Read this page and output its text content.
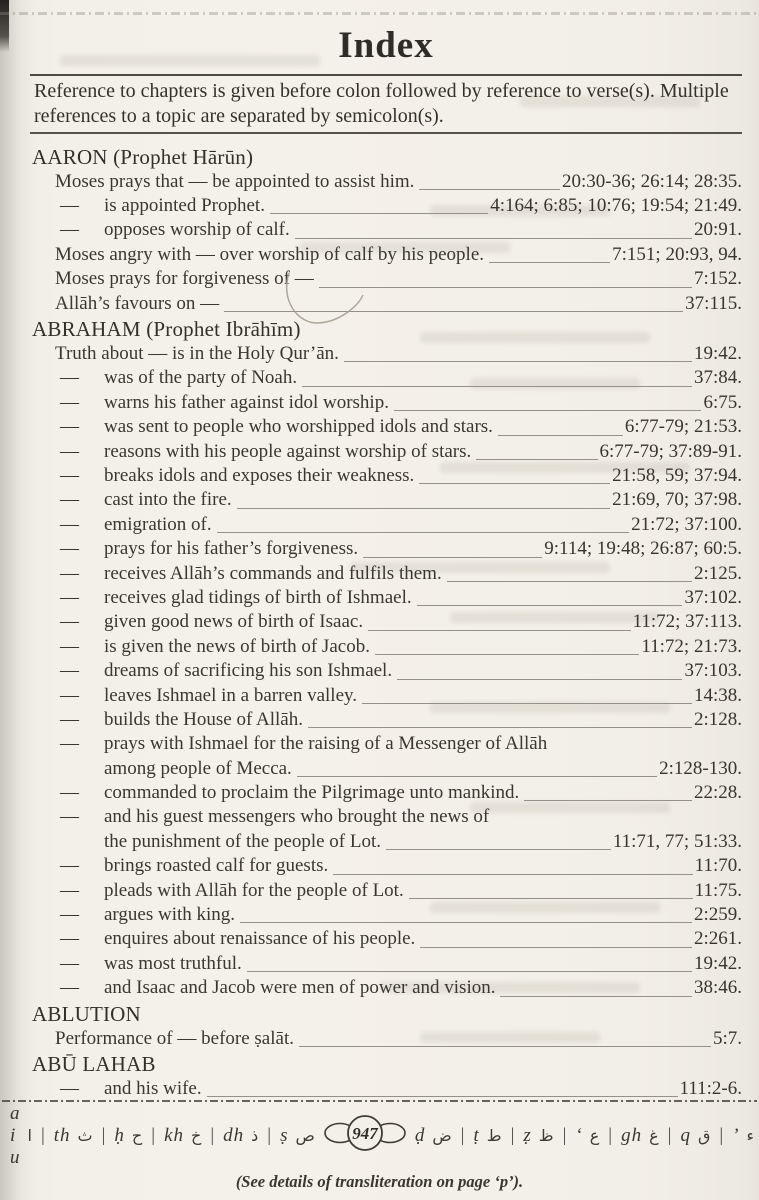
Index

Reference to chapters is given before colon followed by reference to verse(s). Multiple references to a topic are separated by semicolon(s).

AARON (Prophet Hārūn)
Moses prays that — be appointed to assist him.	20:30-36; 26:14; 28:35.
—	is appointed Prophet.	4:164; 6:85; 10:76; 19:54; 21:49.
—	opposes worship of calf.	20:91.
Moses angry with — over worship of calf by his people.	7:151; 20:93, 94.
Moses prays for forgiveness of —	7:152.
Allāh’s favours on —	37:115.
ABRAHAM (Prophet Ibrāhīm)
Truth about — is in the Holy Qur’ān.	19:42.
—	was of the party of Noah.	37:84.
—	warns his father against idol worship.	6:75.
—	was sent to people who worshipped idols and stars.	6:77-79; 21:53.
—	reasons with his people against worship of stars.	6:77-79; 37:89-91.
—	breaks idols and exposes their weakness.	21:58, 59; 37:94.
—	cast into the fire.	21:69, 70; 37:98.
—	emigration of.	21:72; 37:100.
—	prays for his father’s forgiveness.	9:114; 19:48; 26:87; 60:5.
—	receives Allāh’s commands and fulfils them.	2:125.
—	receives glad tidings of birth of Ishmael.	37:102.
—	given good news of birth of Isaac.	11:72; 37:113.
—	is given the news of birth of Jacob.	11:72; 21:73.
—	dreams of sacrificing his son Ishmael.	37:103.
—	leaves Ishmael in a barren valley.	14:38.
—	builds the House of Allāh.	2:128.
—	prays with Ishmael for the raising of a Messenger of Allāh
among people of Mecca.	2:128-130.
—	commanded to proclaim the Pilgrimage unto mankind.	22:28.
—	and his guest messengers who brought the news of
the punishment of the people of Lot.	11:71, 77; 51:33.
—	brings roasted calf for guests.	11:70.
—	pleads with Allāh for the people of Lot.	11:75.
—	argues with king.	2:259.
—	enquires about renaissance of his people.	2:261.
—	was most truthful.	19:42.
—	and Isaac and Jacob were men of power and vision.	38:46.
ABLUTION
Performance of — before ṣalāt.	5:7.
ABŪ LAHAB
—	and his wife.	111:2-6.
a i u
ا | th ث | ḥ ح | kh خ | dh ذ | ṣ ص 947 ḍ ض | ṭ ط | ẓ ظ | ‘ ع | gh غ | q ق | ’ ء
(See details of transliteration on page ‘p’).
